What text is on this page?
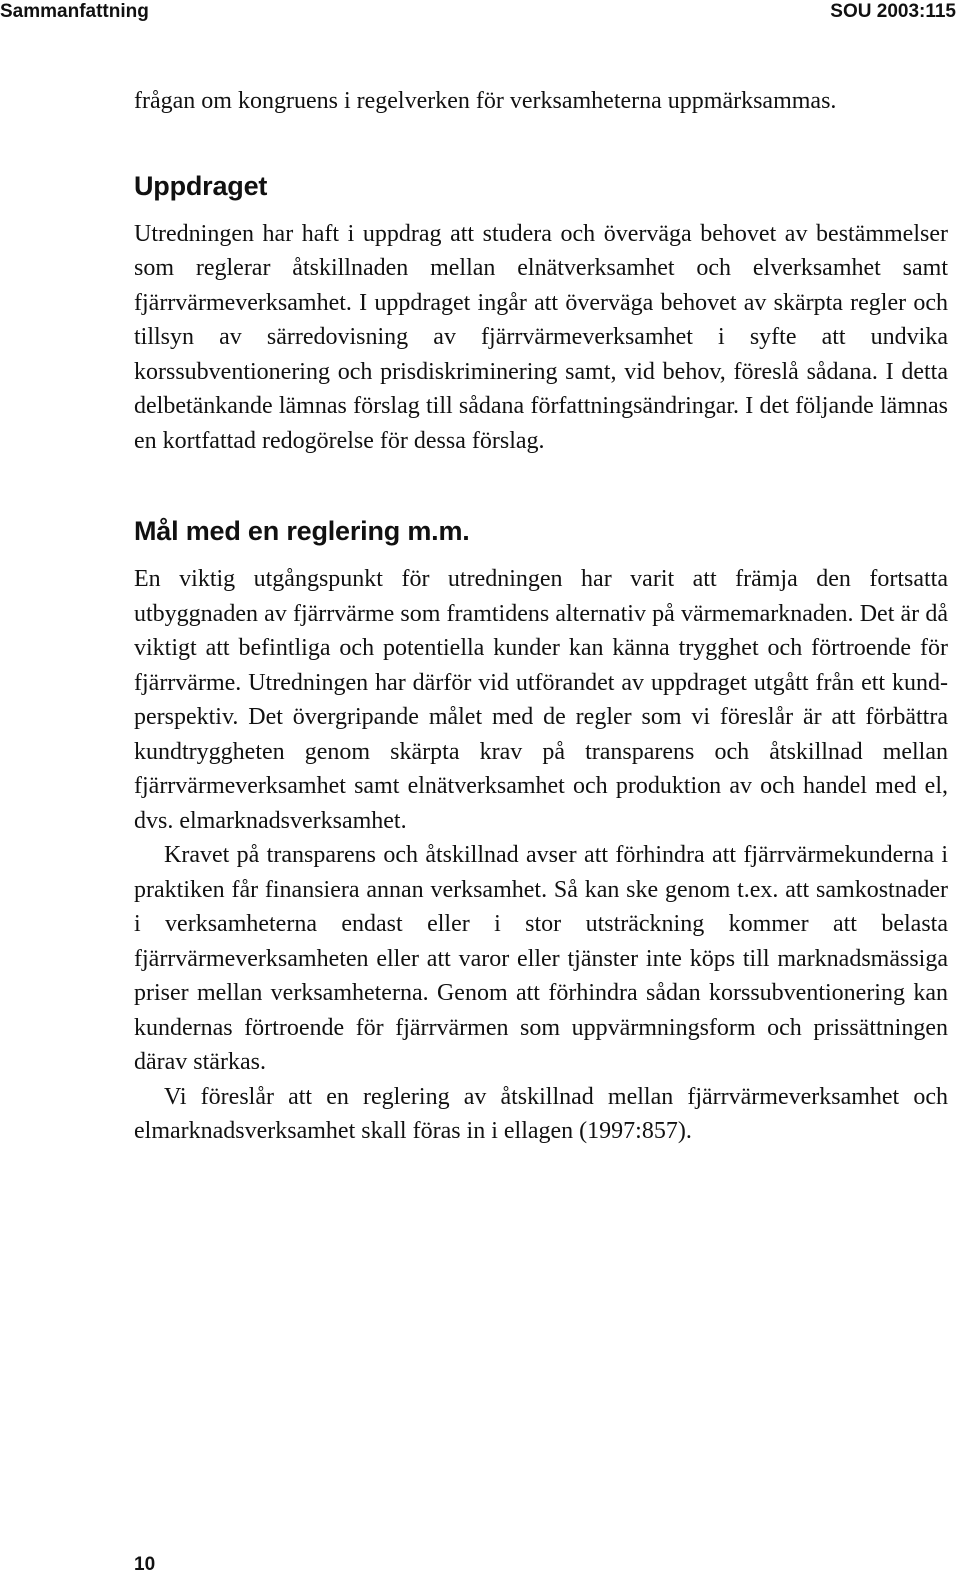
Sammanfattning	SOU 2003:115

frågan om kongruens i regelverken för verksamheterna uppmärksammas.

Uppdraget

Utredningen har haft i uppdrag att studera och överväga behovet av bestämmelser som reglerar åtskillnaden mellan elnätverksamhet och elverksamhet samt fjärrvärmeverksamhet. I uppdraget ingår att överväga behovet av skärpta regler och tillsyn av särredovisning av fjärrvärmeverksamhet i syfte att undvika korssubventionering och prisdiskriminering samt, vid behov, föreslå sådana. I detta delbetänkande lämnas förslag till sådana författningsändringar. I det följande lämnas en kortfattad redogörelse för dessa förslag.

Mål med en reglering m.m.

En viktig utgångspunkt för utredningen har varit att främja den fortsatta utbyggnaden av fjärrvärme som framtidens alternativ på värmemarknaden. Det är då viktigt att befintliga och potentiella kunder kan känna trygghet och förtroende för fjärrvärme. Utredningen har därför vid utförandet av uppdraget utgått från ett kundperspektiv. Det övergripande målet med de regler som vi föreslår är att förbättra kundtryggheten genom skärpta krav på transparens och åtskillnad mellan fjärrvärmeverksamhet samt elnätverksamhet och produktion av och handel med el, dvs. elmarknadsverksamhet.

Kravet på transparens och åtskillnad avser att förhindra att fjärrvärmekunderna i praktiken får finansiera annan verksamhet. Så kan ske genom t.ex. att samkostnader i verksamheterna endast eller i stor utsträckning kommer att belasta fjärrvärmeverksamheten eller att varor eller tjänster inte köps till marknadsmässiga priser mellan verksamheterna. Genom att förhindra sådan korssubventionering kan kundernas förtroende för fjärrvärmen som uppvärmningsform och prissättningen därav stärkas.

Vi föreslår att en reglering av åtskillnad mellan fjärrvärmeverksamhet och elmarknadsverksamhet skall föras in i ellagen (1997:857).

10
